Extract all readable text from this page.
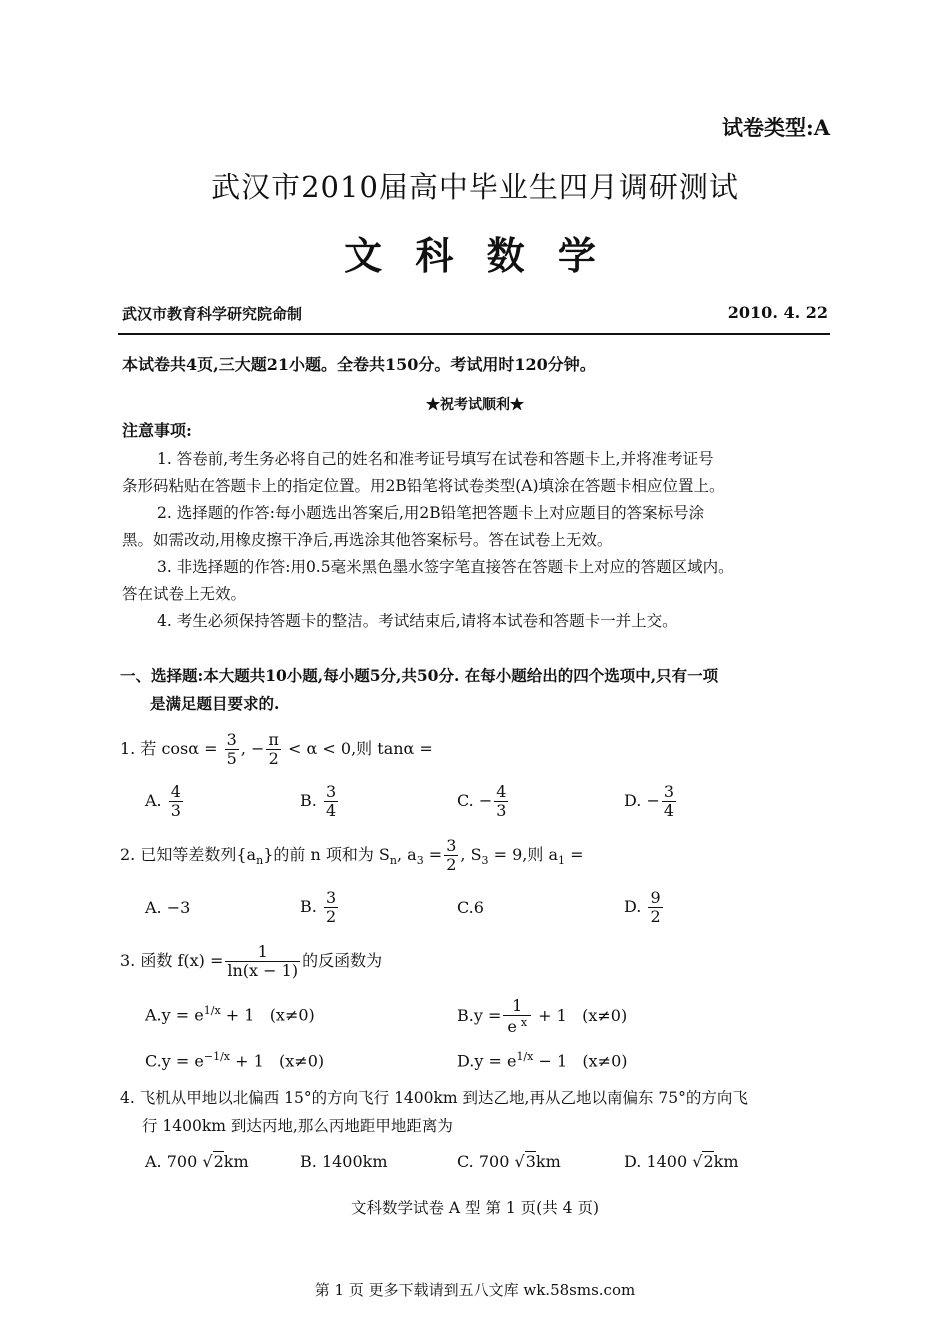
试卷类型:A
武汉市2010届高中毕业生四月调研测试
文 科 数 学
武汉市教育科学研究院命制	2010. 4. 22
本试卷共4页,三大题21小题。全卷共150分。考试用时120分钟。
★祝考试顺利★
注意事项:
1. 答卷前,考生务必将自己的姓名和准考证号填写在试卷和答题卡上,并将准考证号
条形码粘贴在答题卡上的指定位置。用2B铅笔将试卷类型(A)填涂在答题卡相应位置上。
2. 选择题的作答:每小题选出答案后,用2B铅笔把答题卡上对应题目的答案标号涂
黑。如需改动,用橡皮擦干净后,再选涂其他答案标号。答在试卷上无效。
3. 非选择题的作答:用0.5毫米黑色墨水签字笔直接答在答题卡上对应的答题区域内。
答在试卷上无效。
4. 考生必须保持答题卡的整洁。考试结束后,请将本试卷和答题卡一并上交。
一、选择题:本大题共10小题,每小题5分,共50分. 在每小题给出的四个选项中,只有一项
是满足题目要求的.
1. 若 $\cos\alpha = \frac{3}{5}$ , − $\frac{\pi}{2} < \alpha < 0$,则 tanα =
A. $\frac{4}{3}$	B. $\frac{3}{4}$	C. − $\frac{4}{3}$	D. − $\frac{3}{4}$
2. 已知等差数列$\{a_n\}$的前 n 项和为 $S_n$, $a_3 = \frac{3}{2}$ , $S_3 = 9$,则 $a_1$ =
A. −3	B. $\frac{3}{2}$	C.6	D. $\frac{9}{2}$
3. 函数 $f(x) = \frac{1}{\ln(x - 1)}$ 的反函数为
$A.y = e^{1/x} + 1$ (x≠0)	$B.y = \frac{1}{e ^x} + 1$ (x≠0)
$C.y = e^{-1/x} + 1$ (x≠0)	$D.y = e^{1/x} - 1$ (x≠0)
4. 飞机从甲地以北偏西 15°的方向飞行 1400km 到达乙地,再从乙地以南偏东 75°的方向飞
行 1400km 到达丙地,那么丙地距甲地距离为
A. 700 √2km	B. 1400km	C. 700 √3km	D. 1400 √2km
文科数学试卷 A 型 第 1 页(共 4 页)
第 1 页 更多下载请到五八文库 wk.58sms.com
